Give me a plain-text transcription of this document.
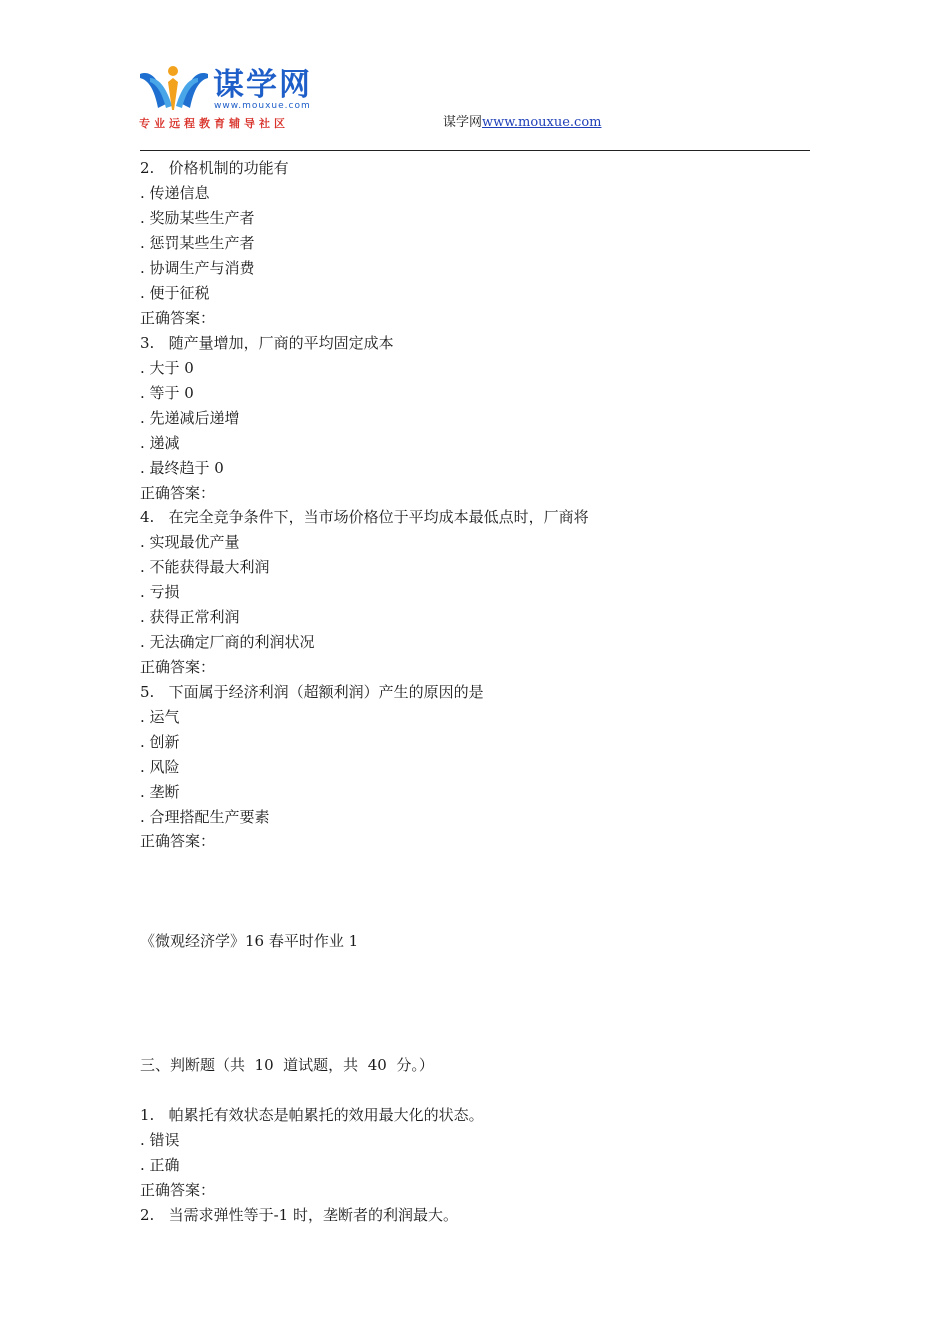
谋学网
www.mouxue.com
专业远程教育辅导社区	谋学网www.mouxue.com
2.   价格机制的功能有
. 传递信息
. 奖励某些生产者
. 惩罚某些生产者
. 协调生产与消费
. 便于征税
正确答案：
3.   随产量增加，厂商的平均固定成本
. 大于 0
. 等于 0
. 先递减后递增
. 递减
. 最终趋于 0
正确答案：
4.   在完全竞争条件下，当市场价格位于平均成本最低点时，厂商将
. 实现最优产量
. 不能获得最大利润
. 亏损
. 获得正常利润
. 无法确定厂商的利润状况
正确答案：
5.   下面属于经济利润（超额利润）产生的原因的是
. 运气
. 创新
. 风险
. 垄断
. 合理搭配生产要素
正确答案：
《微观经济学》16 春平时作业 1
三、判断题（共  10  道试题，共  40  分。）
1.   帕累托有效状态是帕累托的效用最大化的状态。
. 错误
. 正确
正确答案：
2.   当需求弹性等于-1 时，垄断者的利润最大。
